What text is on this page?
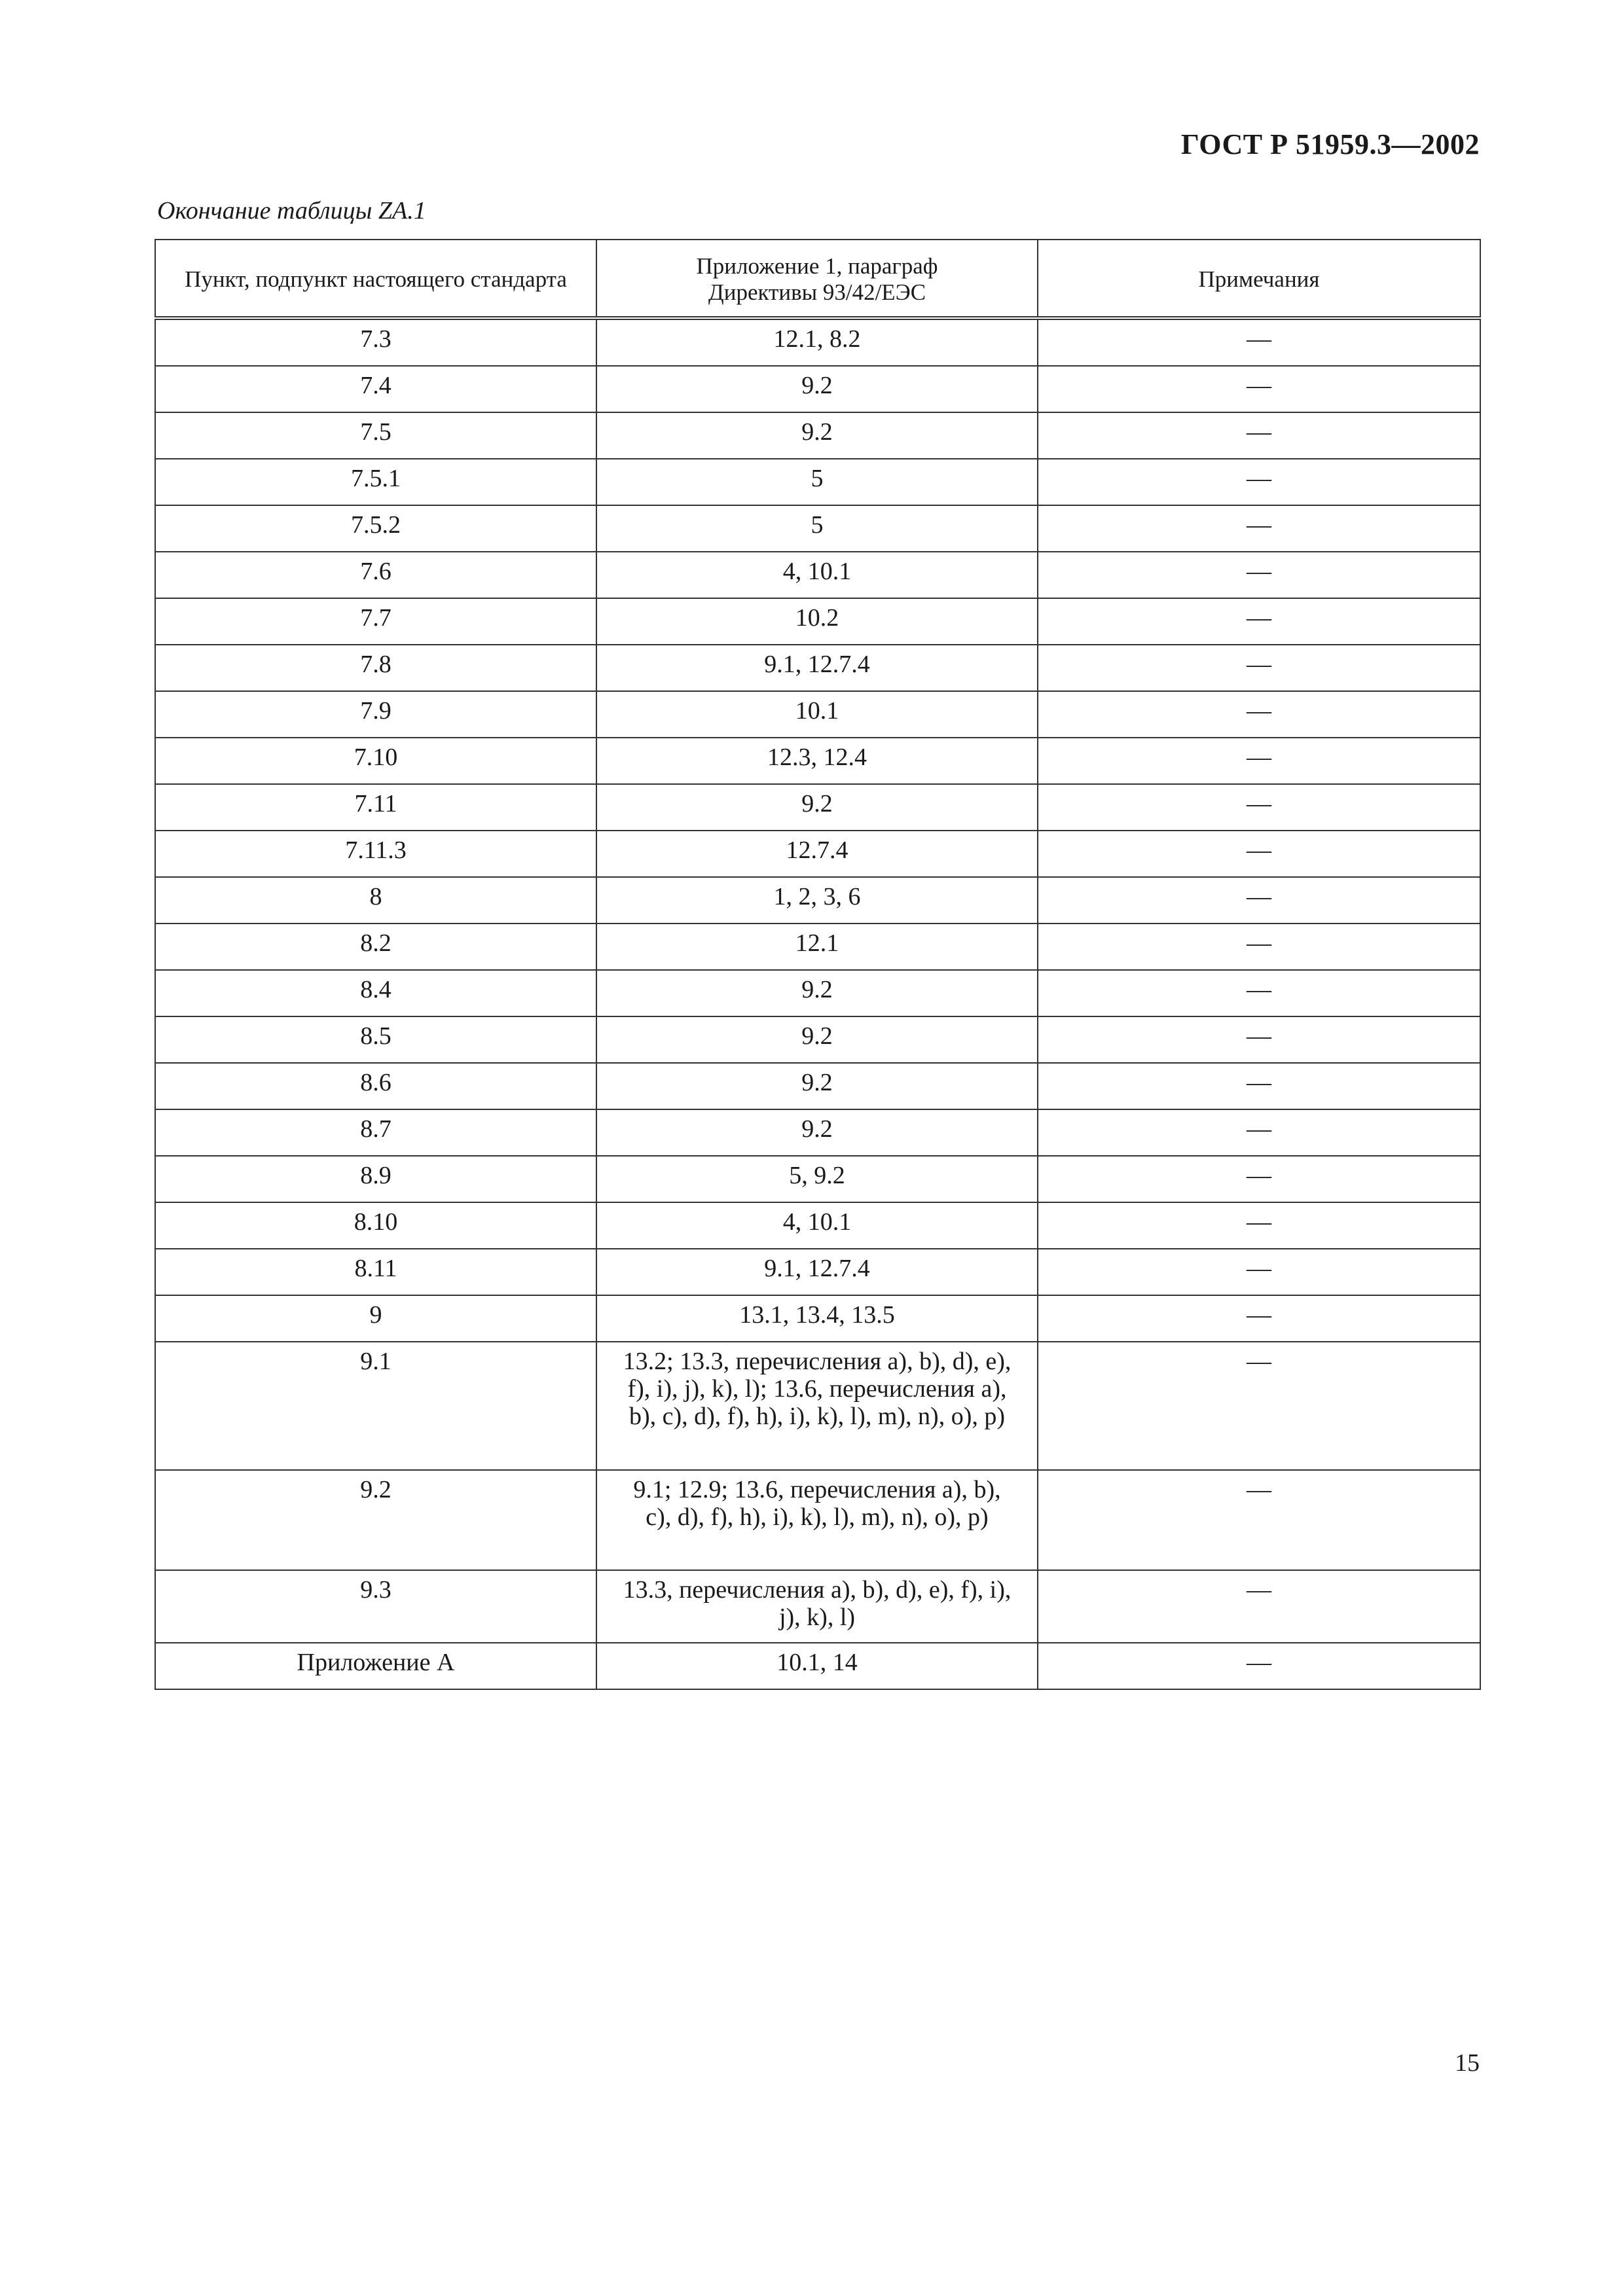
ГОСТ Р 51959.3—2002
Окончание таблицы ZA.1
Пункт, подпункт настоящего стандарта	Приложение 1, параграф Директивы 93/42/ЕЭС	Примечания
7.3	12.1, 8.2	—
7.4	9.2	—
7.5	9.2	—
7.5.1	5	—
7.5.2	5	—
7.6	4, 10.1	—
7.7	10.2	—
7.8	9.1, 12.7.4	—
7.9	10.1	—
7.10	12.3, 12.4	—
7.11	9.2	—
7.11.3	12.7.4	—
8	1, 2, 3, 6	—
8.2	12.1	—
8.4	9.2	—
8.5	9.2	—
8.6	9.2	—
8.7	9.2	—
8.9	5, 9.2	—
8.10	4, 10.1	—
8.11	9.1, 12.7.4	—
9	13.1, 13.4, 13.5	—
9.1	13.2; 13.3, перечисления a), b), d), e), f), i), j), k), l); 13.6, перечисления a), b), c), d), f), h), i), k), l), m), n), o), p)	—
9.2	9.1; 12.9; 13.6, перечисления a), b), c), d), f), h), i), k), l), m), n), o), p)	—
9.3	13.3, перечисления a), b), d), e), f), i), j), k), l)	—
Приложение А	10.1, 14	—
15
